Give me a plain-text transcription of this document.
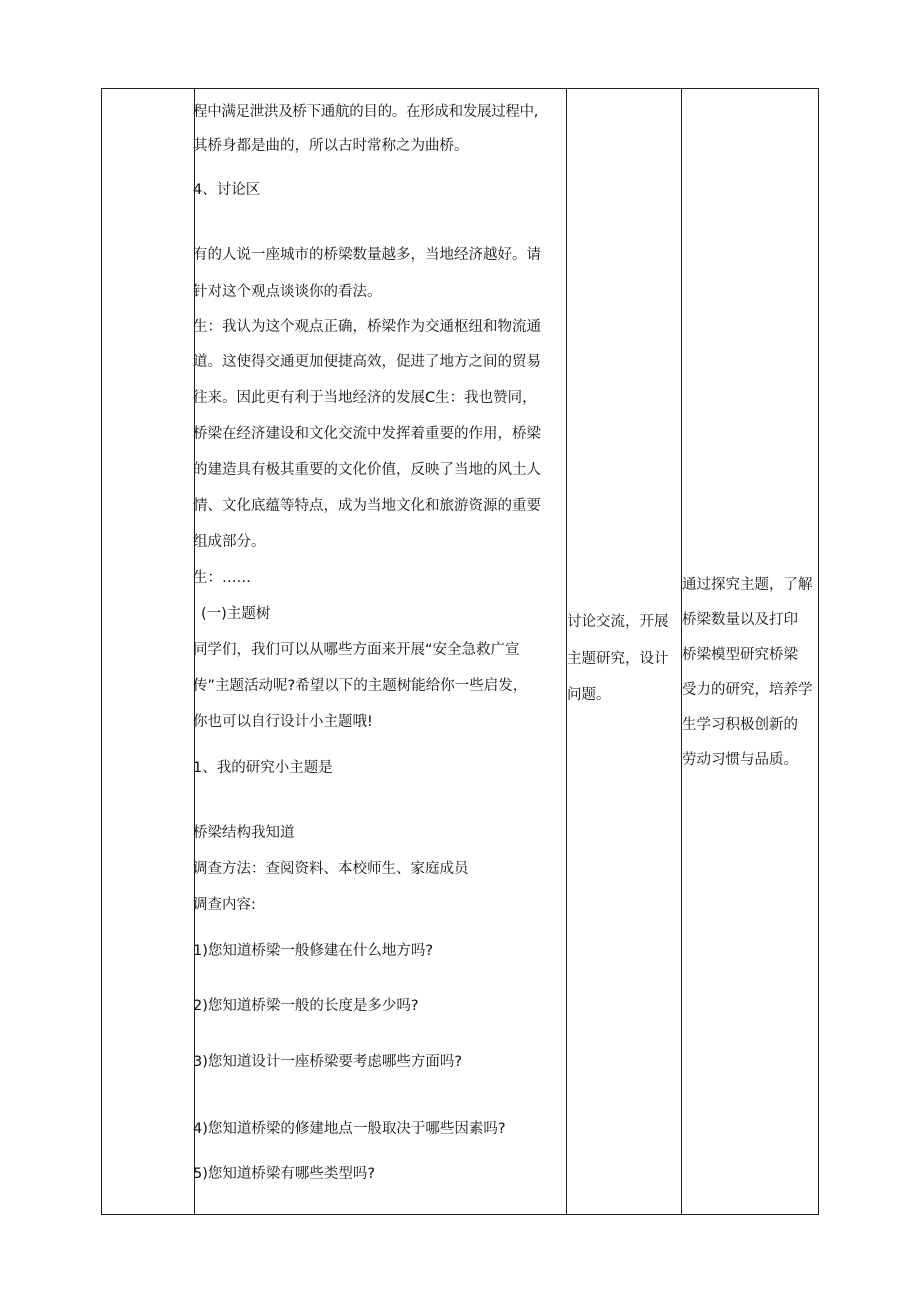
程中满足泄洪及桥下通航的目的。在形成和发展过程中,
其桥身都是曲的，所以古时常称之为曲桥。
4、讨论区
有的人说一座城市的桥梁数量越多，当地经济越好。请
针对这个观点谈谈你的看法。
生：我认为这个观点正确，桥梁作为交通枢纽和物流通
道。这使得交通更加便捷高效，促进了地方之间的贸易
往来。因此更有利于当地经济的发展C生：我也赞同，
桥梁在经济建设和文化交流中发挥着重要的作用，桥梁
的建造具有极其重要的文化价值，反映了当地的风土人
情、文化底蕴等特点，成为当地文化和旅游资源的重要
组成部分。
生：……
(一)主题树
同学们，我们可以从哪些方面来开展“安全急救广宣
传”主题活动呢?希望以下的主题树能给你一些启发，
你也可以自行设计小主题哦!
1、我的研究小主题是
桥梁结构我知道
调查方法：查阅资料、本校师生、家庭成员
调查内容:
1)您知道桥梁一般修建在什么地方吗?
2)您知道桥梁一般的长度是多少吗?
3)您知道设计一座桥梁要考虑哪些方面吗?
4)您知道桥梁的修建地点一般取决于哪些因素吗?
5)您知道桥梁有哪些类型吗?
讨论交流，开展
主题研究，设计
问题。
通过探究主题，了解
桥梁数量以及打印
桥梁模型研究桥梁
受力的研究，培养学
生学习积极创新的
劳动习惯与品质。
